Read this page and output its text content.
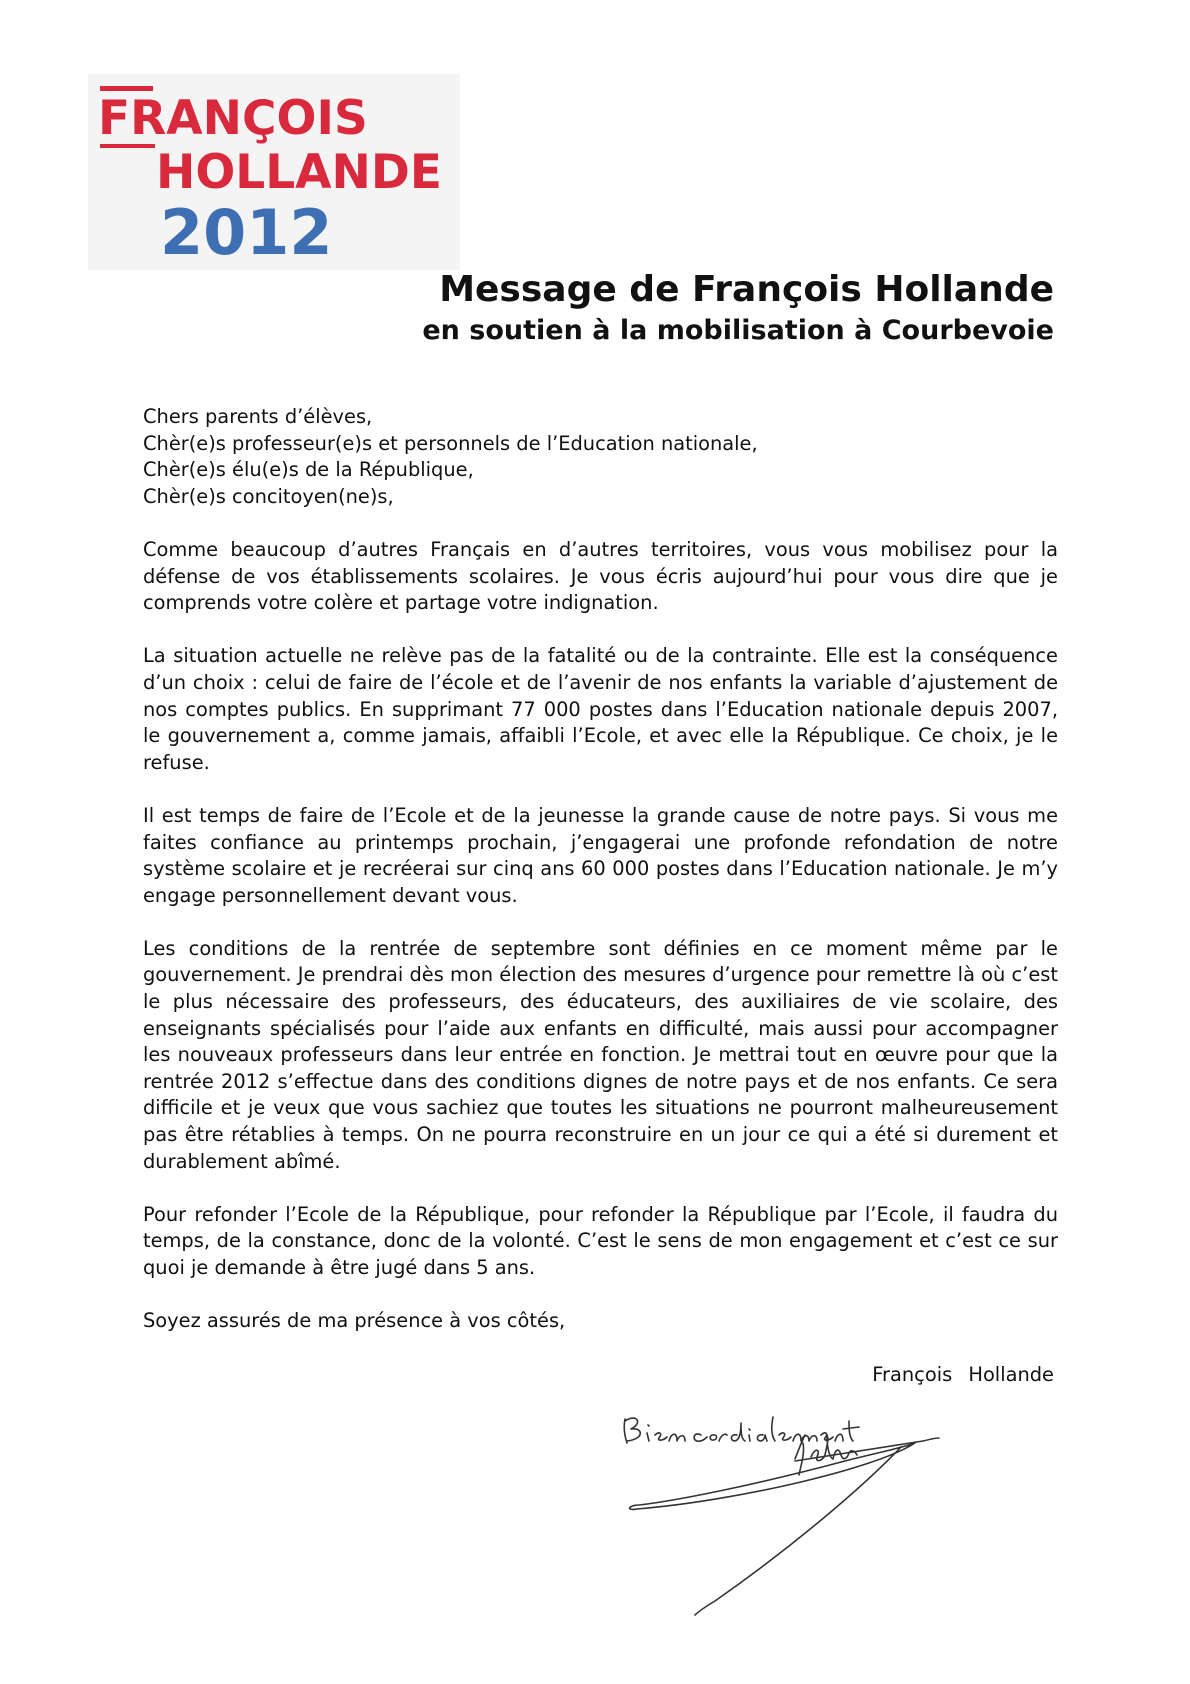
FRANÇOIS
HOLLANDE
2012
Message de François Hollande
en soutien à la mobilisation à Courbevoie
Chers parents d’élèves,
Chèr(e)s professeur(e)s et personnels de l’Education nationale,
Chèr(e)s élu(e)s de la République,
Chèr(e)s concitoyen(ne)s,

Comme beaucoup d’autres Français en d’autres territoires, vous vous mobilisez pour la défense de vos établissements scolaires. Je vous écris aujourd’hui pour vous dire que je comprends votre colère et partage votre indignation.

La situation actuelle ne relève pas de la fatalité ou de la contrainte. Elle est la conséquence d’un choix : celui de faire de l’école et de l’avenir de nos enfants la variable d’ajustement de nos comptes publics. En supprimant 77 000 postes dans l’Education nationale depuis 2007, le gouvernement a, comme jamais, affaibli l’Ecole, et avec elle la République. Ce choix, je le refuse.

Il est temps de faire de l’Ecole et de la jeunesse la grande cause de notre pays. Si vous me faites confiance au printemps prochain, j’engagerai une profonde refondation de notre système scolaire et je recréerai sur cinq ans 60 000 postes dans l’Education nationale. Je m’y engage personnellement devant vous.

Les conditions de la rentrée de septembre sont définies en ce moment même par le gouvernement. Je prendrai dès mon élection des mesures d’urgence pour remettre là où c’est le plus nécessaire des professeurs, des éducateurs, des auxiliaires de vie scolaire, des enseignants spécialisés pour l’aide aux enfants en difficulté, mais aussi pour accompagner les nouveaux professeurs dans leur entrée en fonction. Je mettrai tout en œuvre pour que la rentrée 2012 s’effectue dans des conditions dignes de notre pays et de nos enfants. Ce sera difficile et je veux que vous sachiez que toutes les situations ne pourront malheureusement pas être rétablies à temps. On ne pourra reconstruire en un jour ce qui a été si durement et durablement abîmé.

Pour refonder l’Ecole de la République, pour refonder la République par l’Ecole, il faudra du temps, de la constance, donc de la volonté. C’est le sens de mon engagement et c’est ce sur quoi je demande à être jugé dans 5 ans.

Soyez assurés de ma présence à vos côtés,

François Hollande
